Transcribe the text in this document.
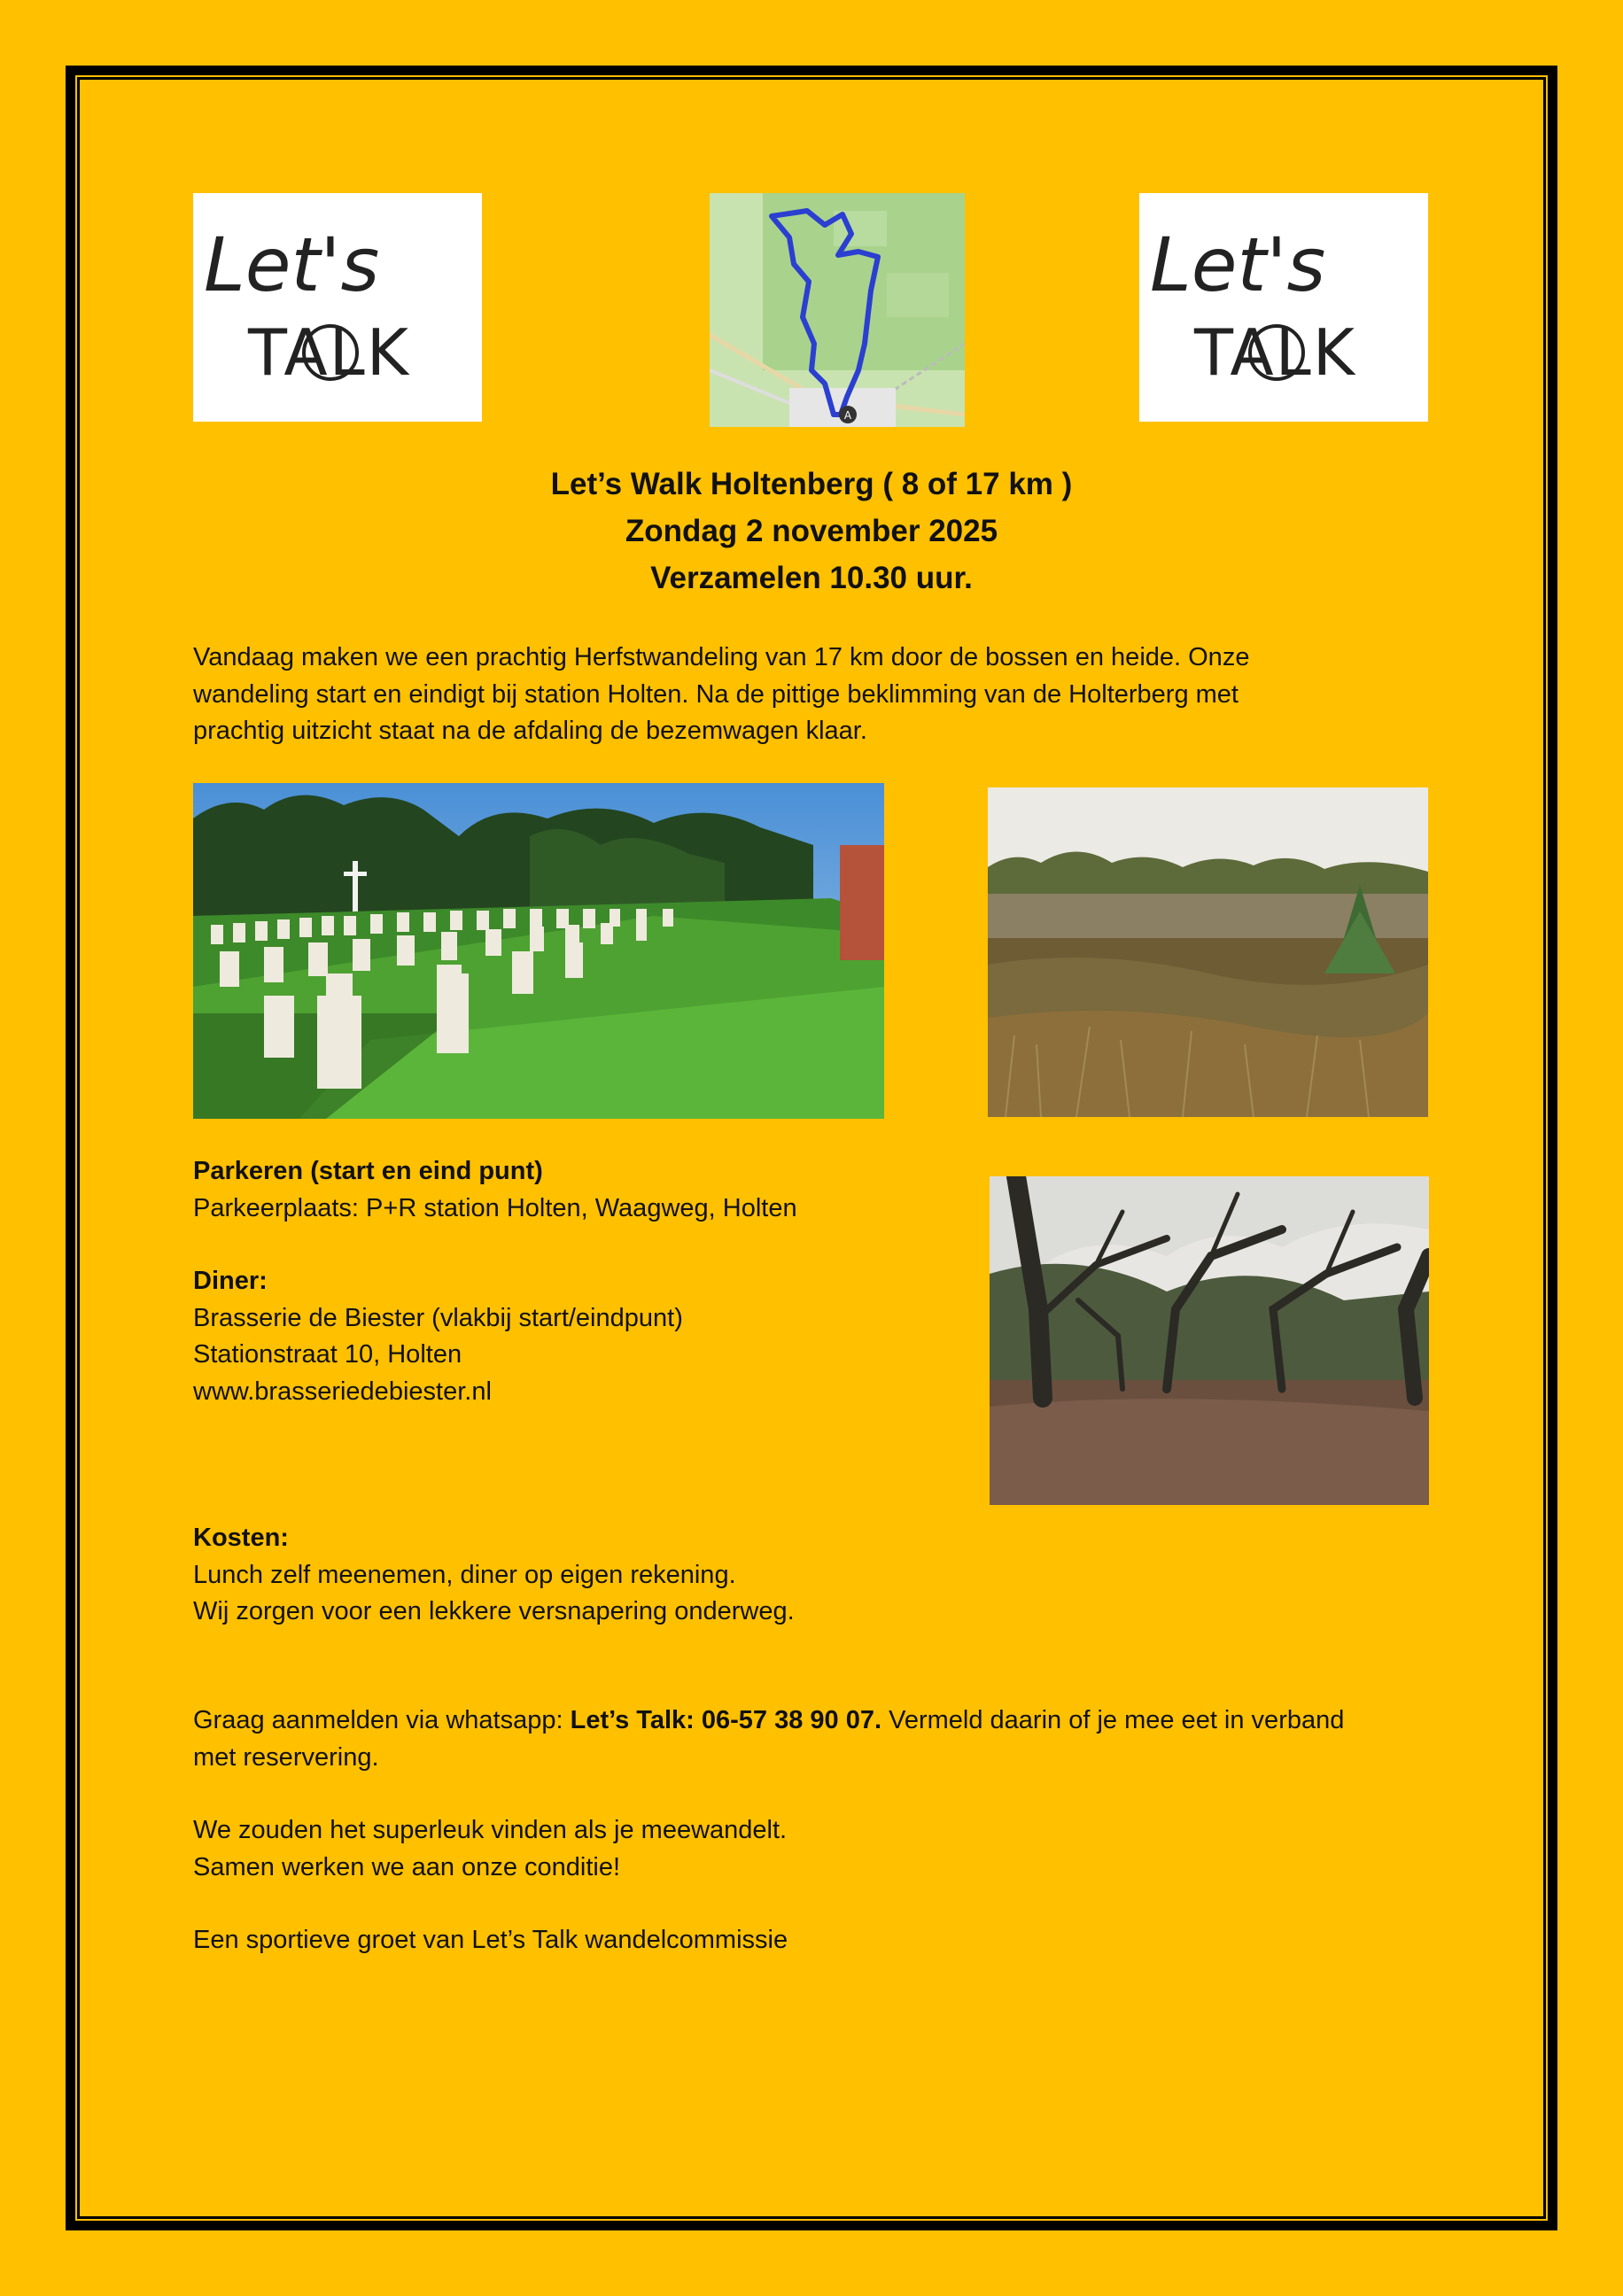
Let's
TALK
A
Let's
TALK
Let’s Walk Holtenberg ( 8 of 17 km )
Zondag 2 november 2025
Verzamelen 10.30 uur.
Vandaag maken we een prachtig Herfstwandeling van 17 km door de bossen en heide. Onze
wandeling start en eindigt bij station Holten. Na de pittige beklimming van de Holterberg met
prachtig uitzicht staat na de afdaling de bezemwagen klaar.
Parkeren (start en eind punt)
Parkeerplaats: P+R station Holten, Waagweg, Holten
Diner:
Brasserie de Biester (vlakbij start/eindpunt)
Stationstraat 10, Holten
www.brasseriedebiester.nl
Kosten:
Lunch zelf meenemen, diner op eigen rekening.
Wij zorgen voor een lekkere versnapering onderweg.
Graag aanmelden via whatsapp: Let’s Talk: 06-57 38 90 07. Vermeld daarin of je mee eet in verband
met reservering.
We zouden het superleuk vinden als je meewandelt.
Samen werken we aan onze conditie!
Een sportieve groet van Let’s Talk wandelcommissie
